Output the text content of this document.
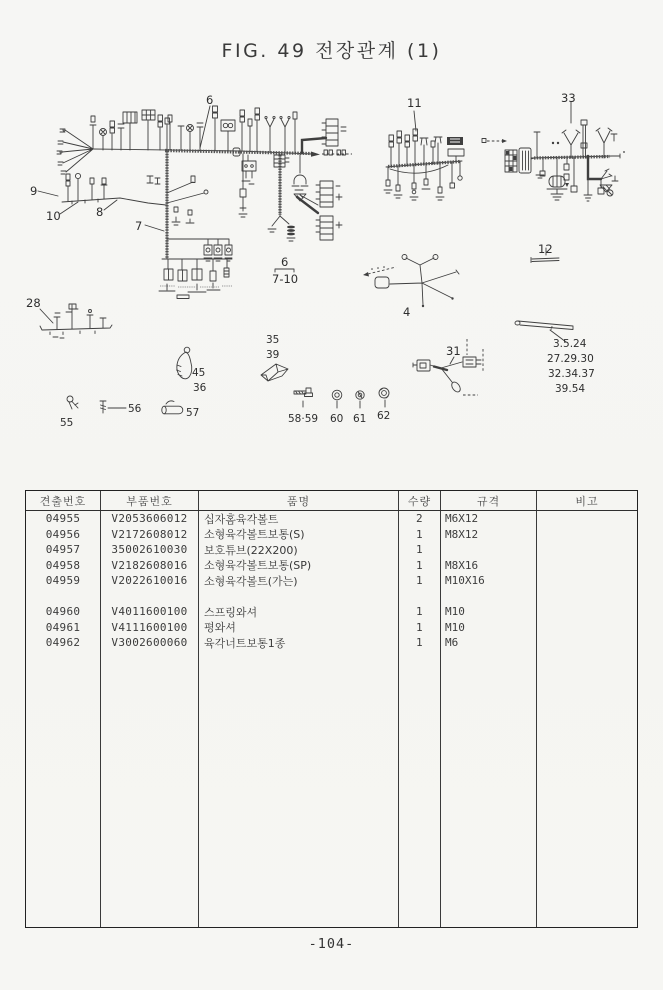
FIG. 49 전장관계 (1)
6	11	33
9
10	8
7
4
12
28
31
35
39
45
36
55
56	57	58·59 60 61 62
6
7-10
3.5.24
27.29.30
32.34.37
39.54
견출번호	부품번호	품명	수량	규격	비고
04955	V2053606012	십자홈육각볼트	2	M6X12
04956	V2172608012	소형육각볼트보통(S)	1	M8X12
04957	35002610030	보호튜브(22X200)	1
04958	V2182608016	소형육각볼트보통(SP)	1	M8X16
04959	V2022610016	소형육각볼트(가는)	1	M10X16
04960	V4011600100	스프링와셔	1	M10
04961	V4111600100	평와셔	1	M10
04962	V3002600060	육각너트보통1종	1	M6
-104-
